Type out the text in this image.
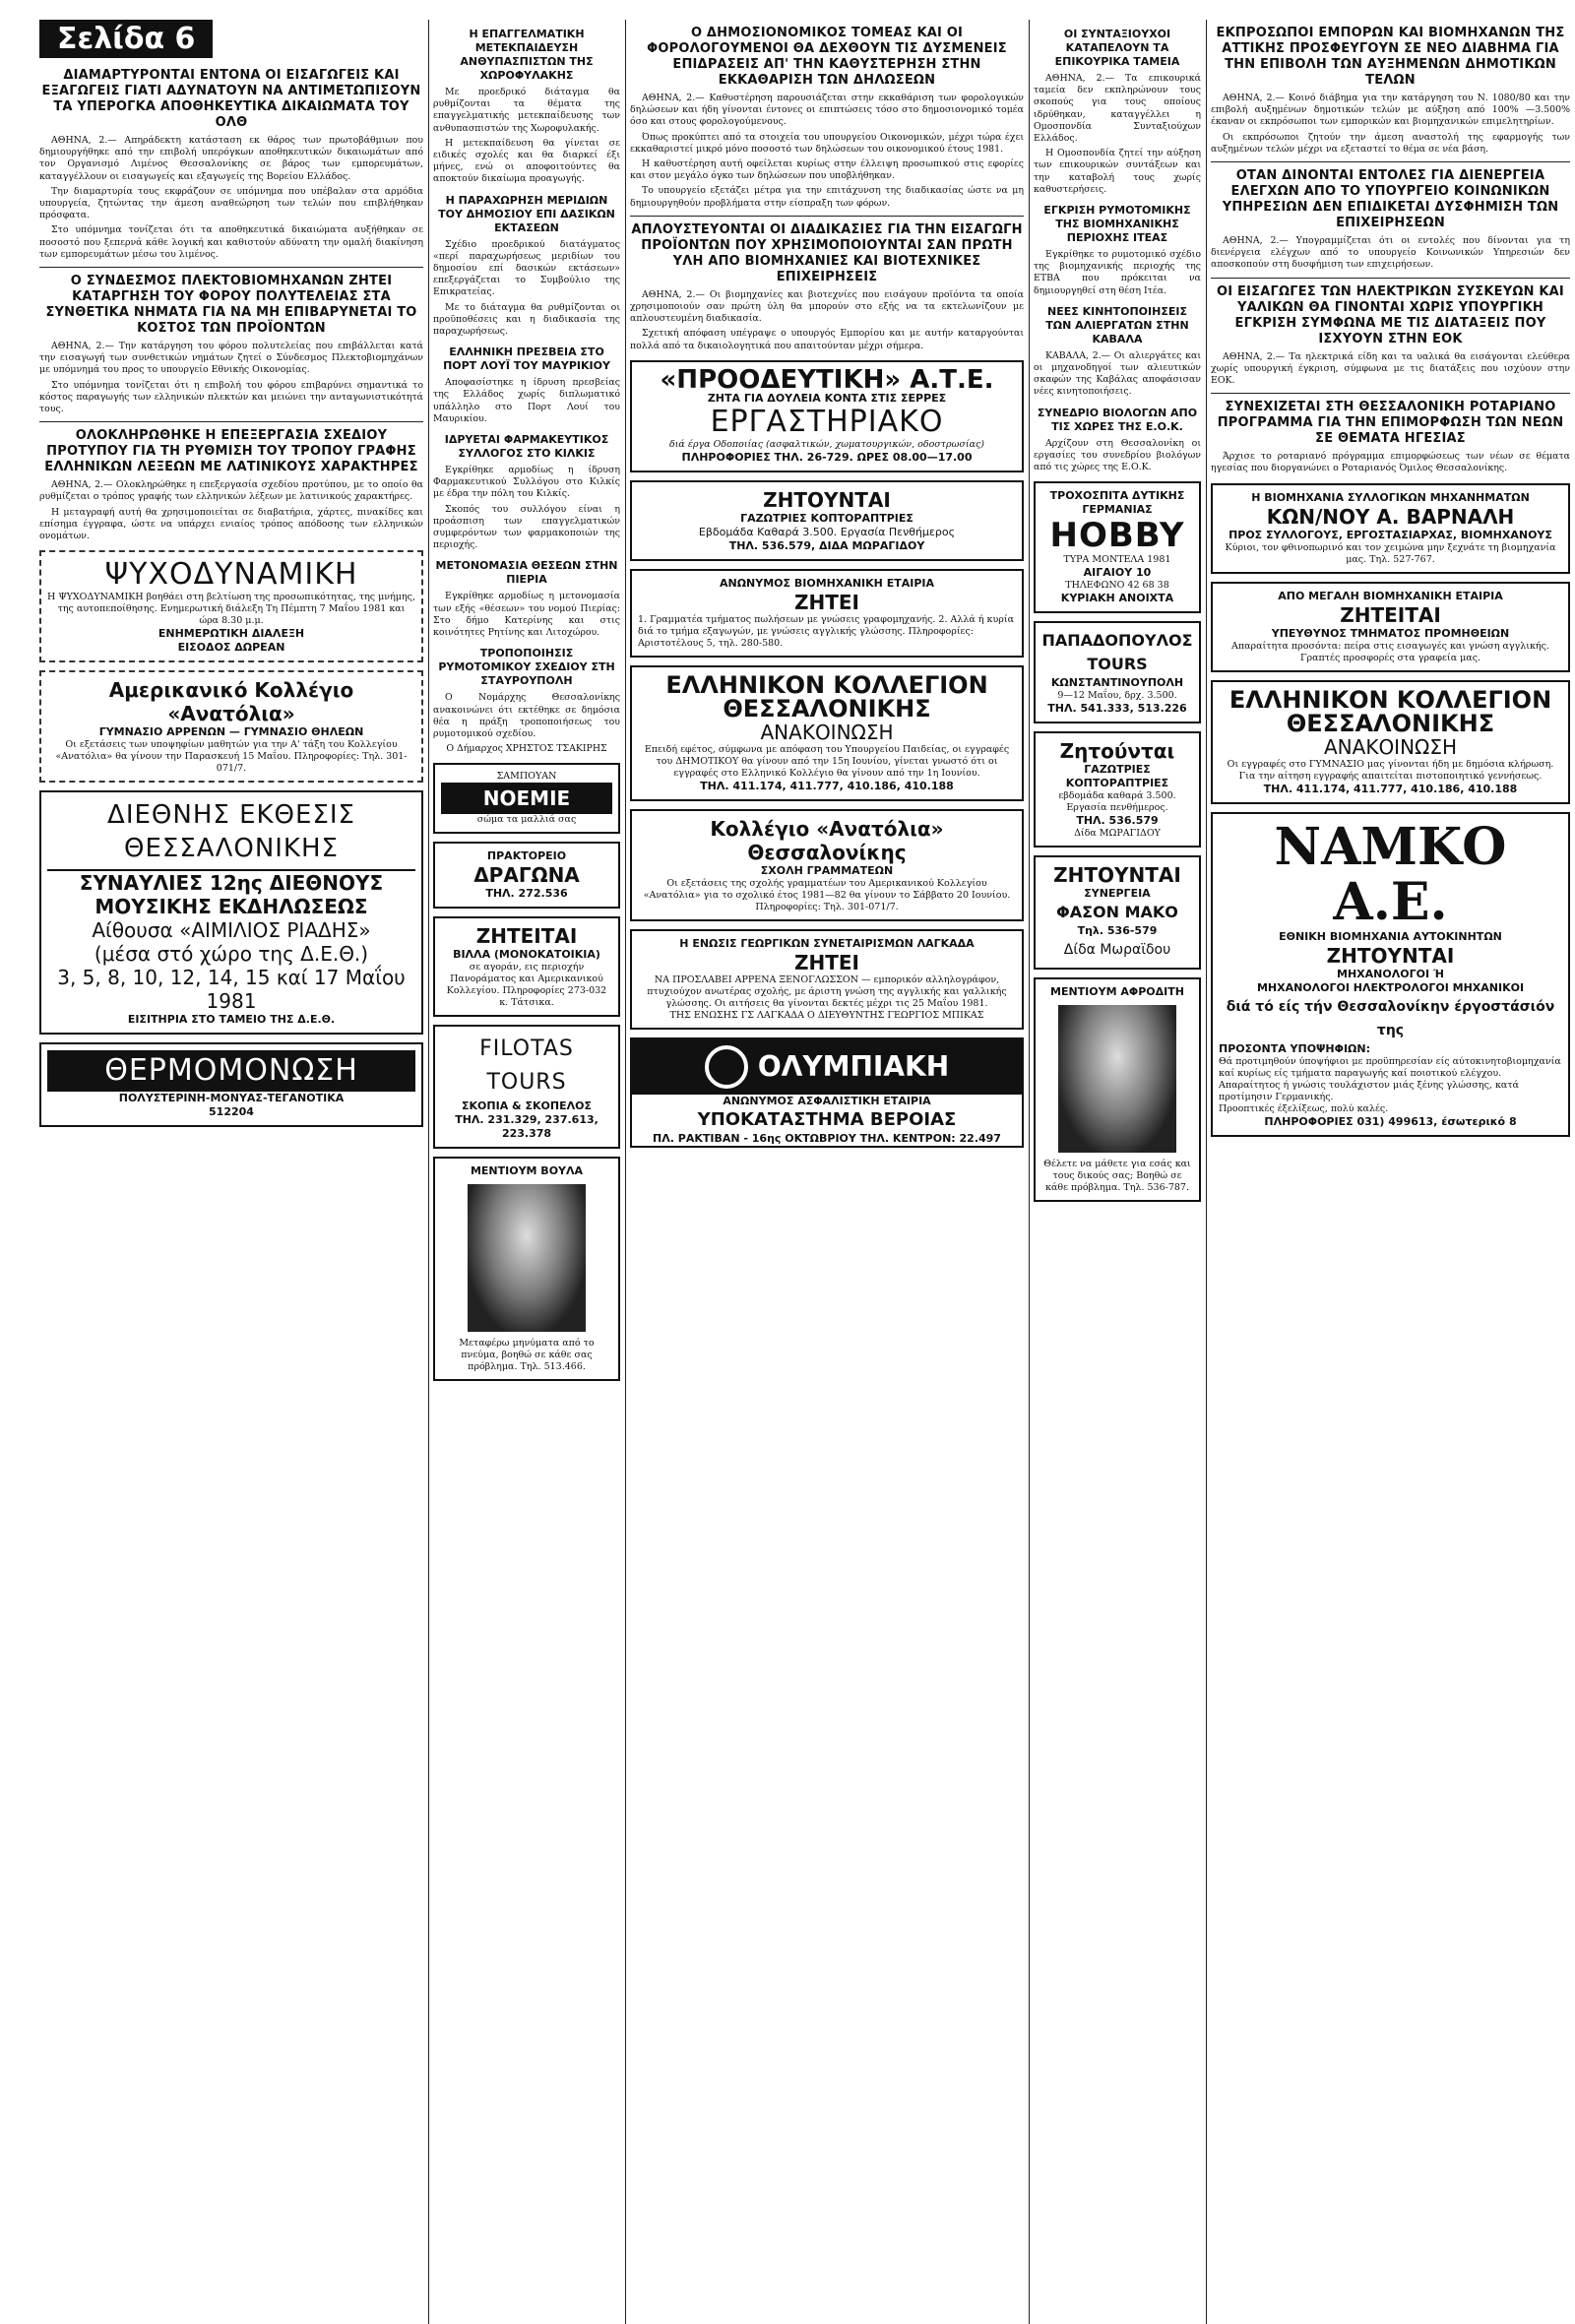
Σελίδα 6
ΔΙΑΜΑΡΤΥΡΟΝΤΑΙ ΕΝΤΟΝΑ ΟΙ ΕΙΣΑΓΩΓΕΙΣ ΚΑΙ ΕΞΑΓΩΓΕΙΣ ΓΙΑΤΙ ΑΔΥΝΑΤΟΥΝ ΝΑ ΑΝΤΙΜΕΤΩΠΙΣΟΥΝ ΤΑ ΥΠΕΡΟΓΚΑ ΑΠΟΘΗΚΕΥΤΙΚΑ ΔΙΚΑΙΩΜΑΤΑ ΤΟΥ ΟΛΘ

ΑΘΗΝΑ, 2.— Απηράδεκτη κατάσταση εκ θάρος των πρωτοβάθμιων που δημιουργήθηκε από την επιβολή υπερόγκων αποθηκευτικών δικαιωμάτων από τον Οργανισμό Λιμένος Θεσσαλονίκης σε βάρος των εμπορευμάτων, καταγγέλλουν οι εισαγωγείς και εξαγωγείς της Βορείου Ελλάδος.

Την διαμαρτυρία τους εκφράζουν σε υπόμνημα που υπέβαλαν στα αρμόδια υπουργεία, ζητώντας την άμεση αναθεώρηση των τελών που επιβλήθηκαν πρόσφατα.

Στο υπόμνημα τονίζεται ότι τα αποθηκευτικά δικαιώματα αυξήθηκαν σε ποσοστό που ξεπερνά κάθε λογική και καθιστούν αδύνατη την ομαλή διακίνηση των εμπορευμάτων μέσω του λιμένος.

Ο ΣΥΝΔΕΣΜΟΣ ΠΛΕΚΤΟΒΙΟΜΗΧΑΝΩΝ ΖΗΤΕΙ ΚΑΤΑΡΓΗΣΗ ΤΟΥ ΦΟΡΟΥ ΠΟΛΥΤΕΛΕΙΑΣ ΣΤΑ ΣΥΝΘΕΤΙΚΑ ΝΗΜΑΤΑ ΓΙΑ ΝΑ ΜΗ ΕΠΙΒΑΡΥΝΕΤΑΙ ΤΟ ΚΟΣΤΟΣ ΤΩΝ ΠΡΟΪΟΝΤΩΝ

ΑΘΗΝΑ, 2.— Την κατάργηση του φόρου πολυτελείας που επιβάλλεται κατά την εισαγωγή των συνθετικών νημάτων ζητεί ο Σύνδεσμος Πλεκτοβιομηχάνων με υπόμνημά του προς το υπουργείο Εθνικής Οικονομίας.

Στο υπόμνημα τονίζεται ότι η επιβολή του φόρου επιβαρύνει σημαντικά το κόστος παραγωγής των ελληνικών πλεκτών και μειώνει την ανταγωνιστικότητά τους.

ΟΛΟΚΛΗΡΩΘΗΚΕ Η ΕΠΕΞΕΡΓΑΣΙΑ ΣΧΕΔΙΟΥ ΠΡΟΤΥΠΟΥ ΓΙΑ ΤΗ ΡΥΘΜΙΣΗ ΤΟΥ ΤΡΟΠΟΥ ΓΡΑΦΗΣ ΕΛΛΗΝΙΚΩΝ ΛΕΞΕΩΝ ΜΕ ΛΑΤΙΝΙΚΟΥΣ ΧΑΡΑΚΤΗΡΕΣ

ΑΘΗΝΑ, 2.— Ολοκληρώθηκε η επεξεργασία σχεδίου προτύπου, με το οποίο θα ρυθμίζεται ο τρόπος γραφής των ελληνικών λέξεων με λατινικούς χαρακτήρες.

Η μεταγραφή αυτή θα χρησιμοποιείται σε διαβατήρια, χάρτες, πινακίδες και επίσημα έγγραφα, ώστε να υπάρχει ενιαίος τρόπος απόδοσης των ελληνικών ονομάτων.

ΨΥΧΟΔΥΝΑΜΙΚΗ
Η ΨΥΧΟΔΥΝΑΜΙΚΗ βοηθάει στη βελτίωση της προσωπικότητας, της μνήμης, της αυτοπεποίθησης. Ενημερωτική διάλεξη Τη Πέμπτη 7 Μαΐου 1981 και ώρα 8.30 μ.μ.
ΕΝΗΜΕΡΩΤΙΚΗ ΔΙΑΛΕΞΗ
ΕΙΣΟΔΟΣ ΔΩΡΕΑΝ
Αμερικανικό Κολλέγιο «Ανατόλια»
ΓΥΜΝΑΣΙΟ ΑΡΡΕΝΩΝ — ΓΥΜΝΑΣΙΟ ΘΗΛΕΩΝ
Οι εξετάσεις των υποψηφίων μαθητών για την Α' τάξη του Κολλεγίου «Ανατόλια» θα γίνουν την Παρασκευή 15 Μαΐου. Πληροφορίες: Τηλ. 301-071/7.
ΔΙΕΘΝΗΣ ΕΚΘΕΣΙΣ ΘΕΣΣΑΛΟΝΙΚΗΣ
ΣΥΝΑΥΛΙΕΣ 12ης ΔΙΕΘΝΟΥΣ
ΜΟΥΣΙΚΗΣ ΕΚΔΗΛΩΣΕΩΣ
Αίθουσα «ΑΙΜΙΛΙΟΣ ΡΙΑΔΗΣ»
(μέσα στό χώρο της Δ.Ε.Θ.)
3, 5, 8, 10, 12, 14, 15 καί 17 Μαΐου 1981
ΕΙΣΙΤΗΡΙΑ ΣΤΟ ΤΑΜΕΙΟ ΤΗΣ Δ.Ε.Θ.
ΘΕΡΜΟΜΟΝΩΣΗ
ΠΟΛΥΣΤΕΡΙΝΗ-ΜΟΝΥΑΣ-ΤΕΓΑΝΟΤΙΚΑ
512204
Η ΕΠΑΓΓΕΛΜΑΤΙΚΗ ΜΕΤΕΚΠΑΙΔΕΥΣΗ ΑΝΘΥΠΑΣΠΙΣΤΩΝ ΤΗΣ ΧΩΡΟΦΥΛΑΚΗΣ

Με προεδρικό διάταγμα θα ρυθμίζονται τα θέματα της επαγγελματικής μετεκπαίδευσης των ανθυπασπιστών της Χωροφυλακής.

Η μετεκπαίδευση θα γίνεται σε ειδικές σχολές και θα διαρκεί έξι μήνες, ενώ οι αποφοιτούντες θα αποκτούν δικαίωμα προαγωγής.

Η ΠΑΡΑΧΩΡΗΣΗ ΜΕΡΙΔΙΩΝ ΤΟΥ ΔΗΜΟΣΙΟΥ ΕΠΙ ΔΑΣΙΚΩΝ ΕΚΤΑΣΕΩΝ

Σχέδιο προεδρικού διατάγματος «περί παραχωρήσεως μεριδίων του δημοσίου επί δασικών εκτάσεων» επεξεργάζεται το Συμβούλιο της Επικρατείας.

Με το διάταγμα θα ρυθμίζονται οι προϋποθέσεις και η διαδικασία της παραχωρήσεως.

ΕΛΛΗΝΙΚΗ ΠΡΕΣΒΕΙΑ ΣΤΟ ΠΟΡΤ ΛΟΥΪ ΤΟΥ ΜΑΥΡΙΚΙΟΥ

Αποφασίστηκε η ίδρυση πρεσβείας της Ελλάδος χωρίς διπλωματικό υπάλληλο στο Πορτ Λουί του Μαυρικίου.

ΙΔΡΥΕΤΑΙ ΦΑΡΜΑΚΕΥΤΙΚΟΣ ΣΥΛΛΟΓΟΣ ΣΤΟ ΚΙΛΚΙΣ

Εγκρίθηκε αρμοδίως η ίδρυση Φαρμακευτικού Συλλόγου στο Κιλκίς με έδρα την πόλη του Κιλκίς.

Σκοπός του συλλόγου είναι η προάσπιση των επαγγελματικών συμφερόντων των φαρμακοποιών της περιοχής.

ΜΕΤΟΝΟΜΑΣΙΑ ΘΕΣΕΩΝ ΣΤΗΝ ΠΙΕΡΙΑ

Εγκρίθηκε αρμοδίως η μετονομασία των εξής «θέσεων» του νομού Πιερίας: Στο δήμο Κατερίνης και στις κοινότητες Ρητίνης και Λιτοχώρου.

ΤΡΟΠΟΠΟΙΗΣΙΣ ΡΥΜΟΤΟΜΙΚΟΥ ΣΧΕΔΙΟΥ ΣΤΗ ΣΤΑΥΡΟΥΠΟΛΗ

Ο Νομάρχης Θεσσαλονίκης ανακοινώνει ότι εκτέθηκε σε δημόσια θέα η πράξη τροποποιήσεως του ρυμοτομικού σχεδίου.

Ο Δήμαρχος ΧΡΗΣΤΟΣ ΤΣΑΚΙΡΗΣ

ΣΑΜΠΟΥΑΝ
ΝΟΕΜΙΕ
σώμα τα μαλλιά σας
ΠΡΑΚΤΟΡΕΙΟ
ΔΡΑΓΩΝΑ
ΤΗΛ. 272.536
ΖΗΤΕΙΤΑΙ
ΒΙΛΛΑ (ΜΟΝΟΚΑΤΟΙΚΙΑ)
σε αγοράν, εις περιοχήν Πανοράματος και Αμερικανικού Κολλεγίου. Πληροφορίες 273-032 κ. Τάτσικα.
FILOTAS TOURS
ΣΚΟΠΙΑ & ΣΚΟΠΕΛΟΣ
ΤΗΛ. 231.329, 237.613, 223.378
ΜΕΝΤΙΟΥΜ ΒΟΥΛΑ
Μεταφέρω μηνύματα από το πνεύμα, βοηθώ σε κάθε σας πρόβλημα. Τηλ. 513.466.
Ο ΔΗΜΟΣΙΟΝΟΜΙΚΟΣ ΤΟΜΕΑΣ ΚΑΙ ΟΙ ΦΟΡΟΛΟΓΟΥΜΕΝΟΙ ΘΑ ΔΕΧΘΟΥΝ ΤΙΣ ΔΥΣΜΕΝΕΙΣ ΕΠΙΔΡΑΣΕΙΣ ΑΠ' ΤΗΝ ΚΑΘΥΣΤΕΡΗΣΗ ΣΤΗΝ ΕΚΚΑΘΑΡΙΣΗ ΤΩΝ ΔΗΛΩΣΕΩΝ

ΑΘΗΝΑ, 2.— Καθυστέρηση παρουσιάζεται στην εκκαθάριση των φορολογικών δηλώσεων και ήδη γίνονται έντονες οι επιπτώσεις τόσο στο δημοσιονομικό τομέα όσο και στους φορολογούμενους.

Όπως προκύπτει από τα στοιχεία του υπουργείου Οικονομικών, μέχρι τώρα έχει εκκαθαριστεί μικρό μόνο ποσοστό των δηλώσεων του οικονομικού έτους 1981.

Η καθυστέρηση αυτή οφείλεται κυρίως στην έλλειψη προσωπικού στις εφορίες και στον μεγάλο όγκο των δηλώσεων που υποβλήθηκαν.

Το υπουργείο εξετάζει μέτρα για την επιτάχυνση της διαδικασίας ώστε να μη δημιουργηθούν προβλήματα στην είσπραξη των φόρων.

ΑΠΛΟΥΣΤΕΥΟΝΤΑΙ ΟΙ ΔΙΑΔΙΚΑΣΙΕΣ ΓΙΑ ΤΗΝ ΕΙΣΑΓΩΓΗ ΠΡΟΪΟΝΤΩΝ ΠΟΥ ΧΡΗΣΙΜΟΠΟΙΟΥΝΤΑΙ ΣΑΝ ΠΡΩΤΗ ΥΛΗ ΑΠΟ ΒΙΟΜΗΧΑΝΙΕΣ ΚΑΙ ΒΙΟΤΕΧΝΙΚΕΣ ΕΠΙΧΕΙΡΗΣΕΙΣ

ΑΘΗΝΑ, 2.— Οι βιομηχανίες και βιοτεχνίες που εισάγουν προϊόντα τα οποία χρησιμοποιούν σαν πρώτη ύλη θα μπορούν στο εξής να τα εκτελωνίζουν με απλουστευμένη διαδικασία.

Σχετική απόφαση υπέγραψε ο υπουργός Εμπορίου και με αυτήν καταργούνται πολλά από τα δικαιολογητικά που απαιτούνταν μέχρι σήμερα.

«ΠΡΟΟΔΕΥΤΙΚΗ» Α.Τ.Ε.
ΖΗΤΑ ΓΙΑ ΔΟΥΛΕΙΑ ΚΟΝΤΑ ΣΤΙΣ ΣΕΡΡΕΣ
ΕΡΓΑΣΤΗΡΙΑΚΟ
διά έργα Οδοποιίας (ασφαλτικών, χωματουργικών, οδοστρωσίας)
ΠΛΗΡΟΦΟΡΙΕΣ ΤΗΛ. 26-729. ΩΡΕΣ 08.00—17.00
ΖΗΤΟΥΝΤΑΙ
ΓΑΖΩΤΡΙΕΣ ΚΟΠΤΟΡΑΠΤΡΙΕΣ
Εβδομάδα Καθαρά 3.500. Εργασία Πενθήμερος
ΤΗΛ. 536.579, ΔΙΔΑ ΜΩΡΑΓΙΔΟΥ
ΑΝΩΝΥΜΟΣ ΒΙΟΜΗΧΑΝΙΚΗ ΕΤΑΙΡΙΑ
ΖΗΤΕΙ
1. Γραμματέα τμήματος πωλήσεων με γνώσεις γραφομηχανής. 2. Αλλά ή κυρία διά το τμήμα εξαγωγών, με γνώσεις αγγλικής γλώσσης. Πληροφορίες: Αριστοτέλους 5, τηλ. 280-580.
ΕΛΛΗΝΙΚΟΝ ΚΟΛΛΕΓΙΟΝ ΘΕΣΣΑΛΟΝΙΚΗΣ
ΑΝΑΚΟΙΝΩΣΗ
Επειδή εφέτος, σύμφωνα με απόφαση του Υπουργείου Παιδείας, οι εγγραφές του ΔΗΜΟΤΙΚΟΥ θα γίνουν από την 15η Ιουνίου, γίνεται γνωστό ότι οι εγγραφές στο Ελληνικό Κολλέγιο θα γίνουν από την 1η Ιουνίου.
ΤΗΛ. 411.174, 411.777, 410.186, 410.188
Κολλέγιο «Ανατόλια» Θεσσαλονίκης
ΣΧΟΛΗ ΓΡΑΜΜΑΤΕΩΝ
Οι εξετάσεις της σχολής γραμματέων του Αμερικανικού Κολλεγίου «Ανατόλια» για το σχολικό έτος 1981—82 θα γίνουν το Σάββατο 20 Ιουνίου. Πληροφορίες: Τηλ. 301-071/7.
Η ΕΝΩΣΙΣ ΓΕΩΡΓΙΚΩΝ ΣΥΝΕΤΑΙΡΙΣΜΩΝ ΛΑΓΚΑΔΑ
ΖΗΤΕΙ
ΝΑ ΠΡΟΣΛΑΒΕΙ ΑΡΡΕΝΑ ΞΕΝΟΓΛΩΣΣΟΝ — εμπορικόν αλληλογράφον, πτυχιούχον ανωτέρας σχολής, με άριστη γνώση της αγγλικής και γαλλικής γλώσσης. Οι αιτήσεις θα γίνονται δεκτές μέχρι τις 25 Μαΐου 1981.
ΤΗΣ ΕΝΩΣΗΣ ΓΣ ΛΑΓΚΑΔΑ Ο ΔΙΕΥΘΥΝΤΗΣ ΓΕΩΡΓΙΟΣ ΜΠΙΚΑΣ
ΟΛΥΜΠΙΑΚΗ
ΑΝΩΝΥΜΟΣ ΑΣΦΑΛΙΣΤΙΚΗ ΕΤΑΙΡΙΑ
ΥΠΟΚΑΤΑΣΤΗΜΑ ΒΕΡΟΙΑΣ
ΠΛ. ΡΑΚΤΙΒΑΝ - 16ης ΟΚΤΩΒΡΙΟΥ ΤΗΛ. ΚΕΝΤΡΟΝ: 22.497
ΟΙ ΣΥΝΤΑΞΙΟΥΧΟΙ ΚΑΤΑΠΕΛΟΥΝ ΤΑ ΕΠΙΚΟΥΡΙΚΑ ΤΑΜΕΙΑ

ΑΘΗΝΑ, 2.— Τα επικουρικά ταμεία δεν εκπληρώνουν τους σκοπούς για τους οποίους ιδρύθηκαν, καταγγέλλει η Ομοσπονδία Συνταξιούχων Ελλάδος.

Η Ομοσπονδία ζητεί την αύξηση των επικουρικών συντάξεων και την καταβολή τους χωρίς καθυστερήσεις.

ΕΓΚΡΙΣΗ ΡΥΜΟΤΟΜΙΚΗΣ ΤΗΣ ΒΙΟΜΗΧΑΝΙΚΗΣ ΠΕΡΙΟΧΗΣ ΙΤΕΑΣ

Εγκρίθηκε το ρυμοτομικό σχέδιο της βιομηχανικής περιοχής της ΕΤΒΑ που πρόκειται να δημιουργηθεί στη θέση Ιτέα.

ΝΕΕΣ ΚΙΝΗΤΟΠΟΙΗΣΕΙΣ ΤΩΝ ΑΛΙΕΡΓΑΤΩΝ ΣΤΗΝ ΚΑΒΑΛΑ

ΚΑΒΑΛΑ, 2.— Οι αλιεργάτες και οι μηχανοδηγοί των αλιευτικών σκαφών της Καβάλας αποφάσισαν νέες κινητοποιήσεις.

ΣΥΝΕΔΡΙΟ ΒΙΟΛΟΓΩΝ ΑΠΟ ΤΙΣ ΧΩΡΕΣ ΤΗΣ Ε.Ο.Κ.

Αρχίζουν στη Θεσσαλονίκη οι εργασίες του συνεδρίου βιολόγων από τις χώρες της Ε.Ο.Κ.

ΤΡΟΧΟΣΠΙΤΑ ΔΥΤΙΚΗΣ ΓΕΡΜΑΝΙΑΣ
HOBBY
ΤΥΡΑ ΜΟΝΤΕΛΑ 1981
ΑΙΓΑΙΟΥ 10
ΤΗΛΕΦΩΝΟ 42 68 38
ΚΥΡΙΑΚΗ ΑΝΟΙΧΤΑ
ΠΑΠΑΔΟΠΟΥΛΟΣ TOURS
ΚΩΝΣΤΑΝΤΙΝΟΥΠΟΛΗ
9—12 Μαΐου, δρχ. 3.500.
ΤΗΛ. 541.333, 513.226
Ζητούνται
ΓΑΖΩΤΡΙΕΣ ΚΟΠΤΟΡΑΠΤΡΙΕΣ
εβδομάδα καθαρά 3.500. Εργασία πενθήμερος.
ΤΗΛ. 536.579
Δίδα ΜΩΡΑΓΙΔΟΥ
ΖΗΤΟΥΝΤΑΙ
ΣΥΝΕΡΓΕΙΑ
ΦΑΣΟΝ ΜΑΚΟ
Τηλ. 536-579
Δίδα Μωραϊδου
ΜΕΝΤΙΟΥΜ ΑΦΡΟΔΙΤΗ
Θέλετε να μάθετε για εσάς και τους δικούς σας; Βοηθώ σε κάθε πρόβλημα. Τηλ. 536-787.
ΕΚΠΡΟΣΩΠΟΙ ΕΜΠΟΡΩΝ ΚΑΙ ΒΙΟΜΗΧΑΝΩΝ ΤΗΣ ΑΤΤΙΚΗΣ ΠΡΟΣΦΕΥΓΟΥΝ ΣΕ ΝΕΟ ΔΙΑΒΗΜΑ ΓΙΑ ΤΗΝ ΕΠΙΒΟΛΗ ΤΩΝ ΑΥΞΗΜΕΝΩΝ ΔΗΜΟΤΙΚΩΝ ΤΕΛΩΝ

ΑΘΗΝΑ, 2.— Κοινό διάβημα για την κατάργηση του Ν. 1080/80 και την επιβολή αυξημένων δημοτικών τελών με αύξηση από 100% —3.500% έκαναν οι εκπρόσωποι των εμπορικών και βιομηχανικών επιμελητηρίων.

Οι εκπρόσωποι ζητούν την άμεση αναστολή της εφαρμογής των αυξημένων τελών μέχρι να εξεταστεί το θέμα σε νέα βάση.

ΟΤΑΝ ΔΙΝΟΝΤΑΙ ΕΝΤΟΛΕΣ ΓΙΑ ΔΙΕΝΕΡΓΕΙΑ ΕΛΕΓΧΩΝ ΑΠΟ ΤΟ ΥΠΟΥΡΓΕΙΟ ΚΟΙΝΩΝΙΚΩΝ ΥΠΗΡΕΣΙΩΝ ΔΕΝ ΕΠΙΔΙΚΕΤΑΙ ΔΥΣΦΗΜΙΣΗ ΤΩΝ ΕΠΙΧΕΙΡΗΣΕΩΝ

ΑΘΗΝΑ, 2.— Υπογραμμίζεται ότι οι εντολές που δίνονται για τη διενέργεια ελέγχων από το υπουργείο Κοινωνικών Υπηρεσιών δεν αποσκοπούν στη δυσφήμιση των επιχειρήσεων.

ΟΙ ΕΙΣΑΓΩΓΕΣ ΤΩΝ ΗΛΕΚΤΡΙΚΩΝ ΣΥΣΚΕΥΩΝ ΚΑΙ ΥΑΛΙΚΩΝ ΘΑ ΓΙΝΟΝΤΑΙ ΧΩΡΙΣ ΥΠΟΥΡΓΙΚΗ ΕΓΚΡΙΣΗ ΣΥΜΦΩΝΑ ΜΕ ΤΙΣ ΔΙΑΤΑΞΕΙΣ ΠΟΥ ΙΣΧΥΟΥΝ ΣΤΗΝ ΕΟΚ

ΑΘΗΝΑ, 2.— Τα ηλεκτρικά είδη και τα υαλικά θα εισάγονται ελεύθερα χωρίς υπουργική έγκριση, σύμφωνα με τις διατάξεις που ισχύουν στην ΕΟΚ.

ΣΥΝΕΧΙΖΕΤΑΙ ΣΤΗ ΘΕΣΣΑΛΟΝΙΚΗ ΡΟΤΑΡΙΑΝΟ ΠΡΟΓΡΑΜΜΑ ΓΙΑ ΤΗΝ ΕΠΙΜΟΡΦΩΣΗ ΤΩΝ ΝΕΩΝ ΣΕ ΘΕΜΑΤΑ ΗΓΕΣΙΑΣ

Άρχισε το ροταριανό πρόγραμμα επιμορφώσεως των νέων σε θέματα ηγεσίας που διοργανώνει ο Ροταριανός Όμιλος Θεσσαλονίκης.

Η ΒΙΟΜΗΧΑΝΙΑ ΣΥΛΛΟΓΙΚΩΝ ΜΗΧΑΝΗΜΑΤΩΝ
ΚΩΝ/ΝΟΥ Α. ΒΑΡΝΑΛΗ
ΠΡΟΣ ΣΥΛΛΟΓΟΥΣ, ΕΡΓΟΣΤΑΣΙΑΡΧΑΣ, ΒΙΟΜΗΧΑΝΟΥΣ
Κύριοι, τον φθινοπωρινό και τον χειμώνα μην ξεχνάτε τη βιομηχανία μας. Τηλ. 527-767.
ΑΠΟ ΜΕΓΑΛΗ ΒΙΟΜΗΧΑΝΙΚΗ ΕΤΑΙΡΙΑ
ΖΗΤΕΙΤΑΙ
ΥΠΕΥΘΥΝΟΣ ΤΜΗΜΑΤΟΣ ΠΡΟΜΗΘΕΙΩΝ
Απαραίτητα προσόντα: πείρα στις εισαγωγές και γνώση αγγλικής. Γραπτές προσφορές στα γραφεία μας.
ΕΛΛΗΝΙΚΟΝ ΚΟΛΛΕΓΙΟΝ ΘΕΣΣΑΛΟΝΙΚΗΣ
ΑΝΑΚΟΙΝΩΣΗ
Οι εγγραφές στο ΓΥΜΝΑΣΙΟ μας γίνονται ήδη με δημόσια κλήρωση. Για την αίτηση εγγραφής απαιτείται πιστοποιητικό γεννήσεως.
ΤΗΛ. 411.174, 411.777, 410.186, 410.188
ΝΑΜΚΟ Α.Ε.
ΕΘΝΙΚΗ ΒΙΟΜΗΧΑΝΙΑ ΑΥΤΟΚΙΝΗΤΩΝ
ΖΗΤΟΥΝΤΑΙ
ΜΗΧΑΝΟΛΟΓΟΙ Ή
ΜΗΧΑΝΟΛΟΓΟΙ ΗΛΕΚΤΡΟΛΟΓΟΙ ΜΗΧΑΝΙΚΟΙ
διά τό είς τήν Θεσσαλονίκην έργοστάσιόν της
ΠΡΟΣΟΝΤΑ ΥΠΟΨΗΦΙΩΝ:
Θά προτιμηθούν ύποψήφιοι με προϋπηρεσίαν είς αύτοκινητοβιομηχανία καί κυρίως είς τμήματα παραγωγής καί ποιοτικού ελέγχου.
Απαραίτητος ή γνώσις τουλάχιστον μιάς ξένης γλώσσης, κατά προτίμησιν Γερμανικής.
Προοπτικές έξελίξεως, πολύ καλές.
ΠΛΗΡΟΦΟΡΙΕΣ 031) 499613, έσωτερικό 8
